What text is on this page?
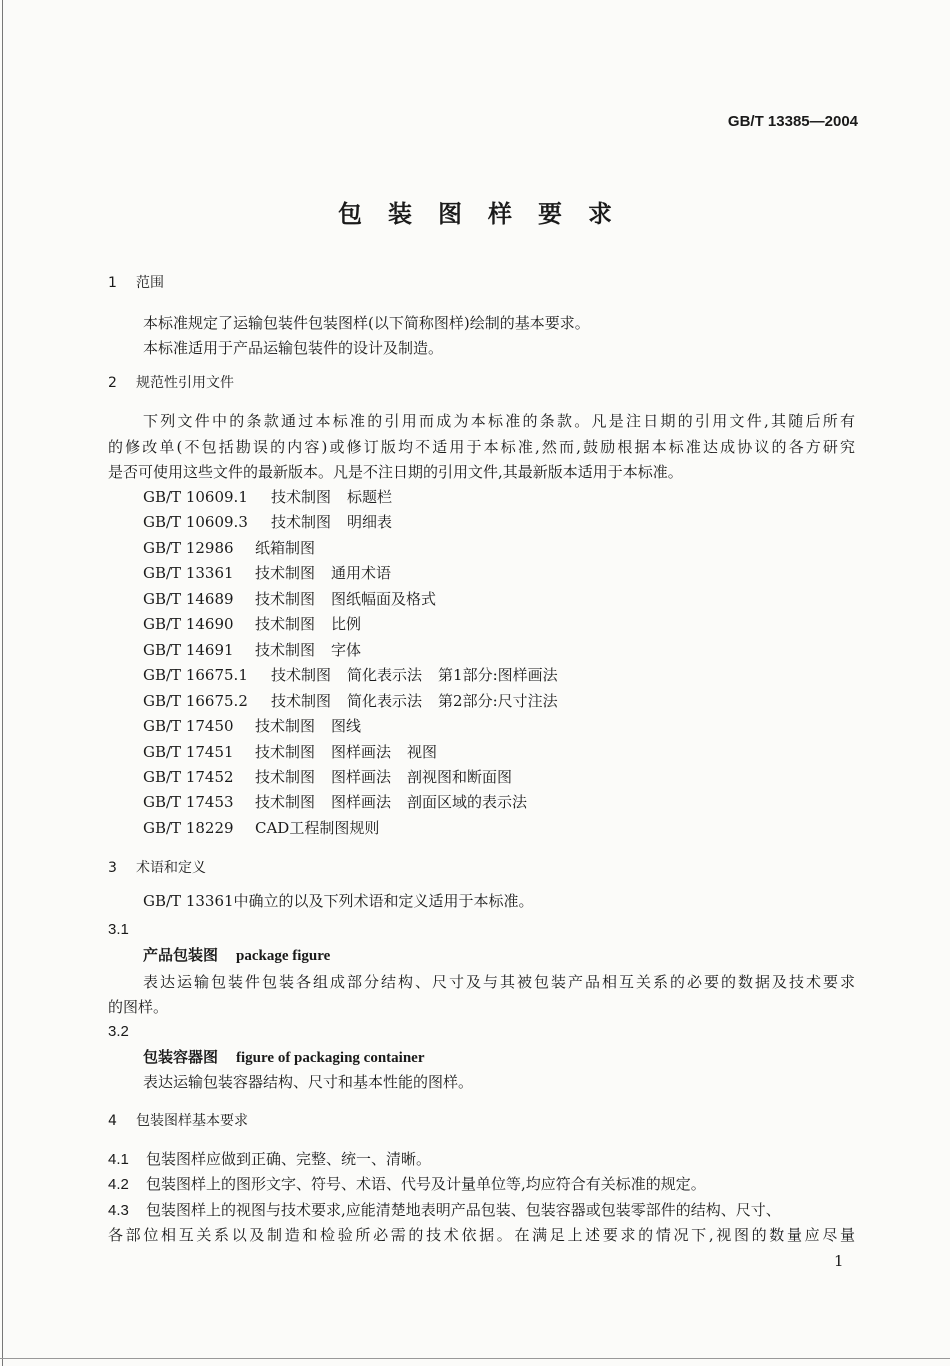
GB/T 13385—2004
包装图样要求
1 范围
本标准规定了运输包装件包装图样(以下简称图样)绘制的基本要求。
本标准适用于产品运输包装件的设计及制造。
2 规范性引用文件
下列文件中的条款通过本标准的引用而成为本标准的条款。凡是注日期的引用文件,其随后所有
的修改单(不包括勘误的内容)或修订版均不适用于本标准,然而,鼓励根据本标准达成协议的各方研究
是否可使用这些文件的最新版本。凡是不注日期的引用文件,其最新版本适用于本标准。
GB/T 10609.1 技术制图 标题栏
GB/T 10609.3 技术制图 明细表
GB/T 12986 纸箱制图
GB/T 13361 技术制图 通用术语
GB/T 14689 技术制图 图纸幅面及格式
GB/T 14690 技术制图 比例
GB/T 14691 技术制图 字体
GB/T 16675.1 技术制图 简化表示法 第1部分:图样画法
GB/T 16675.2 技术制图 简化表示法 第2部分:尺寸注法
GB/T 17450 技术制图 图线
GB/T 17451 技术制图 图样画法 视图
GB/T 17452 技术制图 图样画法 剖视图和断面图
GB/T 17453 技术制图 图样画法 剖面区域的表示法
GB/T 18229 CAD工程制图规则
3 术语和定义
GB/T 13361中确立的以及下列术语和定义适用于本标准。
3.1
产品包装图 package figure
表达运输包装件包装各组成部分结构、尺寸及与其被包装产品相互关系的必要的数据及技术要求
的图样。
3.2
包装容器图 figure of packaging container
表达运输包装容器结构、尺寸和基本性能的图样。
4 包装图样基本要求
4.1 包装图样应做到正确、完整、统一、清晰。
4.2 包装图样上的图形文字、符号、术语、代号及计量单位等,均应符合有关标准的规定。
4.3 包装图样上的视图与技术要求,应能清楚地表明产品包装、包装容器或包装零部件的结构、尺寸、
各部位相互关系以及制造和检验所必需的技术依据。在满足上述要求的情况下,视图的数量应尽量
1
